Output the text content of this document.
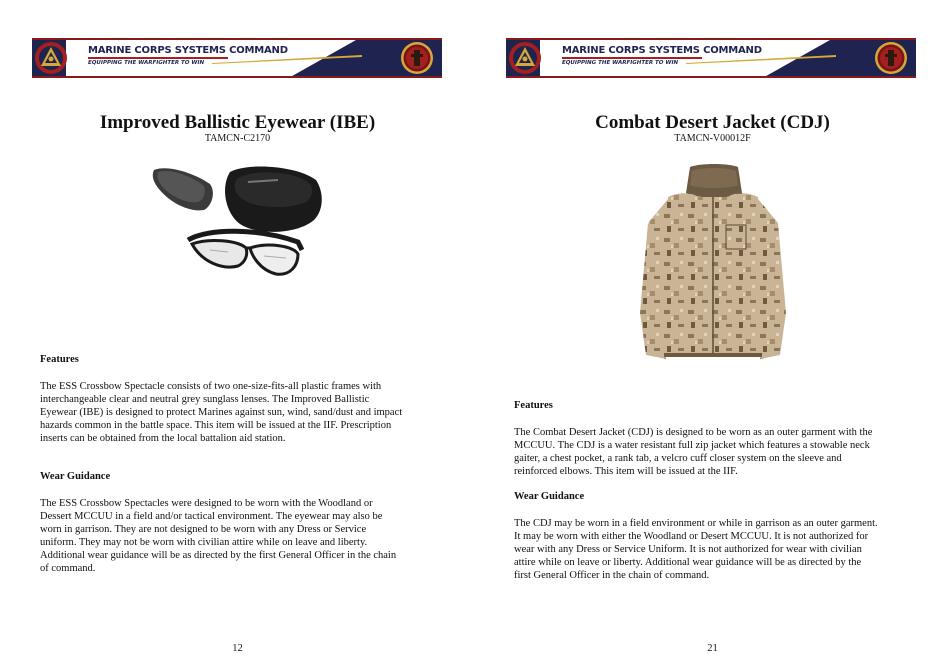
MARINE CORPS SYSTEMS COMMAND
EQUIPPING THE WARFIGHTER TO WIN
Improved Ballistic Eyewear (IBE)
TAMCN-C2170
Features
The ESS Crossbow Spectacle consists of two one-size-fits-all plastic frames with
interchangeable clear and neutral grey sunglass lenses. The Improved Ballistic
Eyewear (IBE) is designed to protect Marines against sun, wind, sand/dust and impact
hazards common in the battle space. This item will be issued at the IIF. Prescription
inserts can be obtained from the local battalion aid station.
Wear Guidance
The ESS Crossbow Spectacles were designed to be worn with the Woodland or
Dessert MCCUU in a field and/or tactical environment. The eyewear may also be
worn in garrison. They are not designed to be worn with any Dress or Service
uniform. They may not be worn with civilian attire while on leave and liberty.
Additional wear guidance will be as directed by the first General Officer in the chain
of command.
12
MARINE CORPS SYSTEMS COMMAND
EQUIPPING THE WARFIGHTER TO WIN
Combat Desert Jacket (CDJ)
TAMCN-V00012F
Features
The Combat Desert Jacket (CDJ) is designed to be worn as an outer garment with the
MCCUU. The CDJ is a water resistant full zip jacket which features a stowable neck
gaiter, a chest pocket, a rank tab, a velcro cuff closer system on the sleeve and
reinforced elbows. This item will be issued at the IIF.
Wear Guidance
The CDJ may be worn in a field environment or while in garrison as an outer garment.
It may be worn with either the Woodland or Desert MCCUU. It is not authorized for
wear with any Dress or Service Uniform. It is not authorized for wear with civilian
attire while on leave or liberty. Additional wear guidance will be as directed by the
first General Officer in the chain of command.
21
